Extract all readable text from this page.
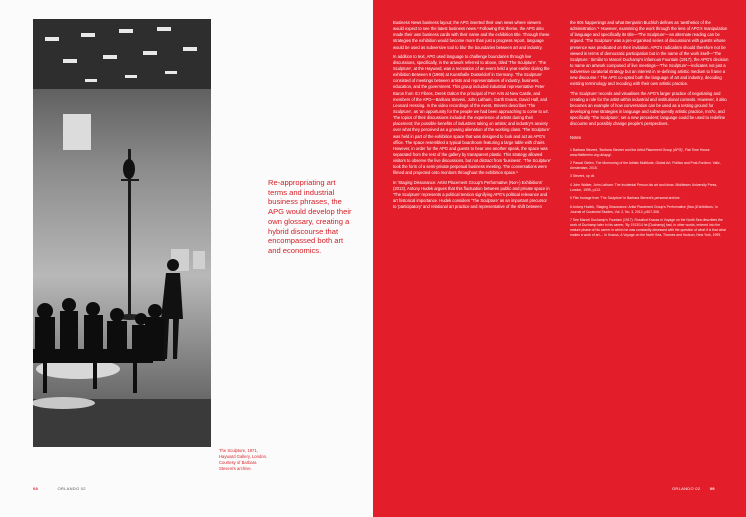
The Sculpture, 1971,
Hayward Gallery, London.
Courtesy of Barbara
Steveni's archive.
Re-appropriating art terms and industrial business phrases, the APG would develop their own glossary, creating a hybrid discourse that encompassed both art and economics.
08	ORLANDO 02

Business News business layout; the APG inserted their own news where viewers would expect to see the latest business news.³ Following this theme, the APG also made their own business cards with their name and the exhibition title. Through these strategies the exhibition would become more than just a progress report, language would be used as subversive tool to blur the boundaries between art and industry.

In addition to text, APG used language to challenge boundaries through live discussions, specifically, in the artwork referred to above, titled 'The Sculpture'. 'The Sculpture', at the Hayward, was a recreation of an event held a year earlier during the exhibition Between 6 (1969) at Kunsthalle Dusseldorf in Germany. 'The Sculpture' consisted of meetings between artists and representatives of industry, business, education, and the government. This group included industrial representative Peter Baron from ICI Fibres, Derek Dalton the principal of Ferr Arts at New Castle, and members of the APG—Barbara Steveni, John Latham, Garth Evans, David Hall, and Leonard Hessing. In the video recordings of the event, Steveni describes 'The Sculpture', as 'an opportunity for the people we had been approaching to come to us'. The topics of their discussions included: the experience of artists during their placement; the possible benefits of industries taking on artists; and industry's anxiety over what they perceived as a growing alienation of the working class. 'The Sculpture' was held in part of the exhibition space that was designed to look and act as APG's office. The space resembled a typical boardroom featuring a large table with chairs. However, in order for the APG and guests to hear one another speak, the space was separated from the rest of the gallery by transparent plastic. This strategy allowed visitors to observe the live discussions, but not distract from 'business'. 'The Sculpture' took the form of a semi-private perpetual business meeting. The conversations were filmed and projected onto monitors throughout the exhibition space.⁵

In 'Staging Dissonance: Artist Placement Group's Performative (Non-) Exhibitions' (2013), Antony Hudek argues that this fluctuation between public and private space in 'The Sculpture' represents a political tension signifying APG's political relevance and art historical importance. Hudek considers 'The Sculpture' as an important precursor to 'participatory' and relational art practice and representative of the shift between

the 60s happenings and what Benjamin Buchloh defines as 'aesthetics of the administration.'⁶ However, examining the work through the lens of APG's manipulation of language and specifically its title—'The Sculpture'—an alternate reading can be argued. 'The Sculpture' was a pre-organised series of discussions with guests whose presence was predicated on their invitation. APG's radicalism should therefore not be viewed in terms of democratic participation but in the name of the work itself—'The Sculpture.' Similar to Marcel Duchamp's infamous Fountain (1917), the APG's decision to name an artwork composed of live meetings—'The Sculpture'—indicates not just a subversive curatorial strategy but an interest in re-defining artistic medium to frame a new discourse.⁷ The APG co-opted both the language of art and industry, decoding existing terminology and recoding with their own artistic practice.

'The Sculpture' records and visualises the APG's larger practice of negotiating and creating a role for the artist within industrial and institutional contexts. However, it also becomes an example of how conversation can be used as a testing ground for developing new strategies in language and subsequently artistic practice, Inn7o, and specifically 'The Sculpture', set a new precedent; language could be used to redefine discourse and possibly change people's perspectives.

Notes
1 Barbara Steveni, 'Barbara Steveni and the Artist Placement Group (APG)', Flat Time House www.flattimeho.org.uk/apg/.
2 Pascal Gielen, The Murmuring of the Artistic Multitude, Global Art, Politics and Post-Fordism. Valiz, Amsterdam, 2015.
3 Steveni, op cit.
4 John Walker, John Latham: The Incidental Person-his art and ideas. Middlesex University Press, London, 1995, p113.
5 Film footage from 'The Sculpture' in Barbara Steveni's personal archive.
6 Antony Hudek, 'Staging Dissonance: Artist Placement Group's Performative (Non-)Exhibitions,' in Journal of Curatorial Studies, Vol. 2, No. 3, 2013, p307-308.
7 See Marcel Duchamp's Fountain (1917). Rosalind Krauss in Voyage on the North Sea describes the work of Duchamp later in his career, 'By 1913/14 he [Duchamp] had, in other words, entered into the mature phase of his career in which he was constantly obsessed with the question of what it is that what makes a work of art.... In Krauss, A Voyage on the North Sea, Thames and Hudson, New York, 1999.
ORLANDO 02 09
